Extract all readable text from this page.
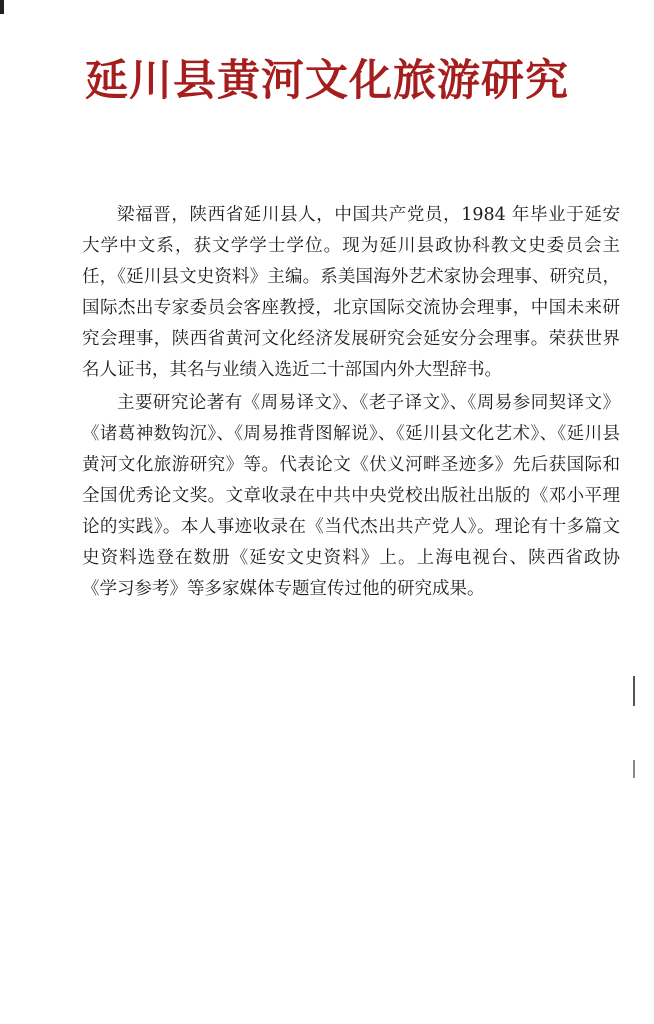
延川县黄河文化旅游研究

梁福晋，陕西省延川县人，中国共产党员，1984 年毕业于延安大学中文系，获文学学士学位。现为延川县政协科教文史委员会主任，《延川县文史资料》主编。系美国海外艺术家协会理事、研究员，国际杰出专家委员会客座教授，北京国际交流协会理事，中国未来研究会理事，陕西省黄河文化经济发展研究会延安分会理事。荣获世界名人证书，其名与业绩入选近二十部国内外大型辞书。

主要研究论著有《周易译文》、《老子译文》、《周易参同契译文》《诸葛神数钩沉》、《周易推背图解说》、《延川县文化艺术》、《延川县黄河文化旅游研究》等。代表论文《伏义河畔圣迹多》先后获国际和全国优秀论文奖。文章收录在中共中央党校出版社出版的《邓小平理论的实践》。本人事迹收录在《当代杰出共产党人》。理论有十多篇文史资料选登在数册《延安文史资料》上。上海电视台、陕西省政协《学习参考》等多家媒体专题宣传过他的研究成果。
